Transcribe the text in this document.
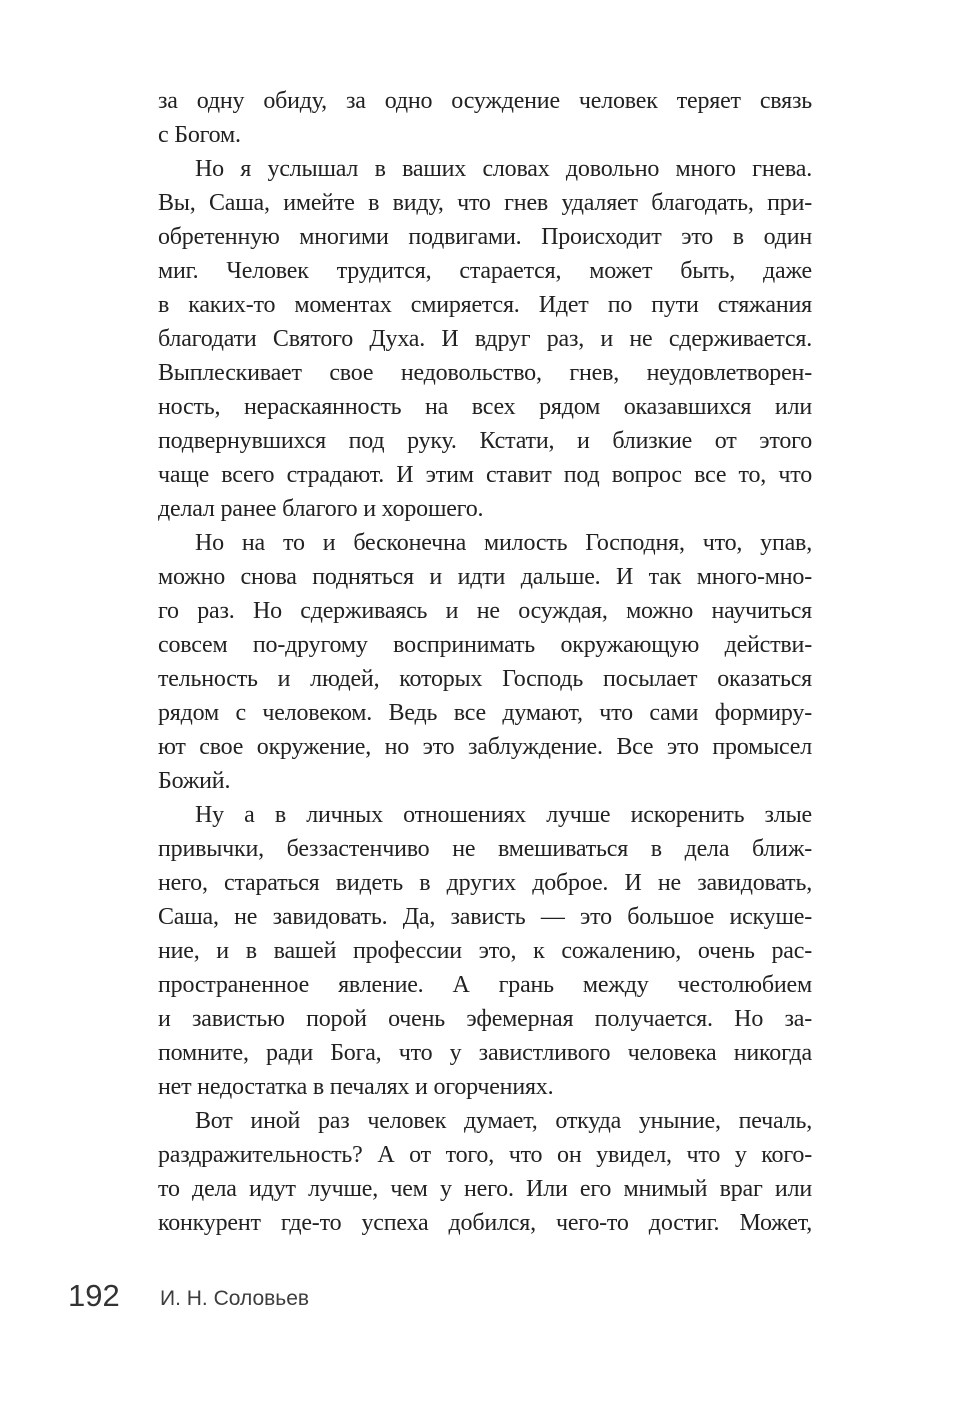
за одну обиду, за одно осуждение человек теряет связь
с Богом.
Но я услышал в ваших словах довольно много гнева.
Вы, Саша, имейте в виду, что гнев удаляет благодать, при-
обретенную многими подвигами. Происходит это в один
миг. Человек трудится, старается, может быть, даже
в каких-то моментах смиряется. Идет по пути стяжания
благодати Святого Духа. И вдруг раз, и не сдерживается.
Выплескивает свое недовольство, гнев, неудовлетворен-
ность, нераскаянность на всех рядом оказавшихся или
подвернувшихся под руку. Кстати, и близкие от этого
чаще всего страдают. И этим ставит под вопрос все то, что
делал ранее благого и хорошего.
Но на то и бесконечна милость Господня, что, упав,
можно снова подняться и идти дальше. И так много-мно-
го раз. Но сдерживаясь и не осуждая, можно научиться
совсем по-другому воспринимать окружающую действи-
тельность и людей, которых Господь посылает оказаться
рядом с человеком. Ведь все думают, что сами формиру-
ют свое окружение, но это заблуждение. Все это промысел
Божий.
Ну а в личных отношениях лучше искоренить злые
привычки, беззастенчиво не вмешиваться в дела ближ-
него, стараться видеть в других доброе. И не завидовать,
Саша, не завидовать. Да, зависть — это большое искуше-
ние, и в вашей профессии это, к сожалению, очень рас-
пространенное явление. А грань между честолюбием
и завистью порой очень эфемерная получается. Но за-
помните, ради Бога, что у завистливого человека никогда
нет недостатка в печалях и огорчениях.
Вот иной раз человек думает, откуда уныние, печаль,
раздражительность? А от того, что он увидел, что у кого-
то дела идут лучше, чем у него. Или его мнимый враг или
конкурент где-то успеха добился, чего-то достиг. Может,
192 И. Н. Соловьев
